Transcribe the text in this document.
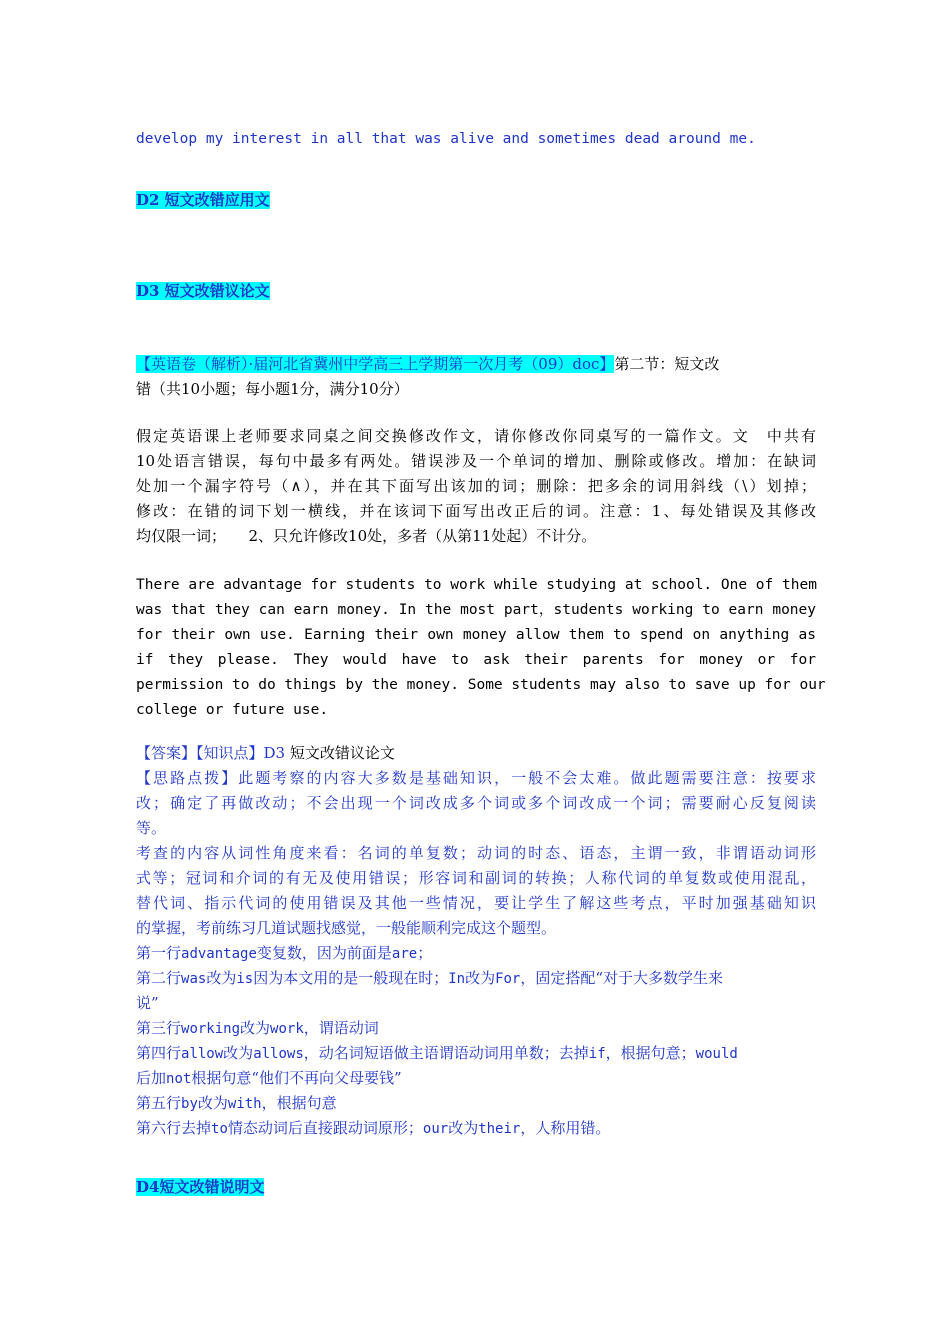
develop my interest in all that was alive and sometimes dead around me.

D2 短文改错应用文

D3 短文改错议论文

【英语卷（解析）·届河北省冀州中学高三上学期第一次月考（09）doc】第二节：短文改

错（共10小题；每小题1分，满分10分）

假定英语课上老师要求同桌之间交换修改作文，请你修改你同桌写的一篇作文。文　中共有

10处语言错误，每句中最多有两处。错误涉及一个单词的增加、删除或修改。增加：在缺词

处加一个漏字符号（∧），并在其下面写出该加的词；删除：把多余的词用斜线（\）划掉；

修改：在错的词下划一横线，并在该词下面写出改正后的词。注意：1、每处错误及其修改

均仅限一词；　　2、只允许修改10处，多者（从第11处起）不计分。

There are advantage for students to work while studying at school. One of them

was that they can earn money. In the most part，students working to earn money

for their own use. Earning their own money allow them to spend on anything as

if they please. They would have to ask their parents for money or for

permission to do things by the money. Some students may also to save up for our

college or future use.

【答案】【知识点】D3 短文改错议论文

【思路点拨】此题考察的内容大多数是基础知识，一般不会太难。做此题需要注意：按要求

改；确定了再做改动；不会出现一个词改成多个词或多个词改成一个词；需要耐心反复阅读

等。

考查的内容从词性角度来看：名词的单复数；动词的时态、语态，主谓一致，非谓语动词形

式等；冠词和介词的有无及使用错误；形容词和副词的转换；人称代词的单复数或使用混乱，

替代词、指示代词的使用错误及其他一些情况，要让学生了解这些考点，平时加强基础知识

的掌握，考前练习几道试题找感觉，一般能顺利完成这个题型。

第一行advantage变复数，因为前面是are；

第二行was改为is因为本文用的是一般现在时；In改为For，固定搭配“对于大多数学生来

说”

第三行working改为work，谓语动词

第四行allow改为allows，动名词短语做主语谓语动词用单数；去掉if，根据句意；would

后加not根据句意“他们不再向父母要钱”

第五行by改为with，根据句意

第六行去掉to情态动词后直接跟动词原形；our改为their，人称用错。

D4短文改错说明文
